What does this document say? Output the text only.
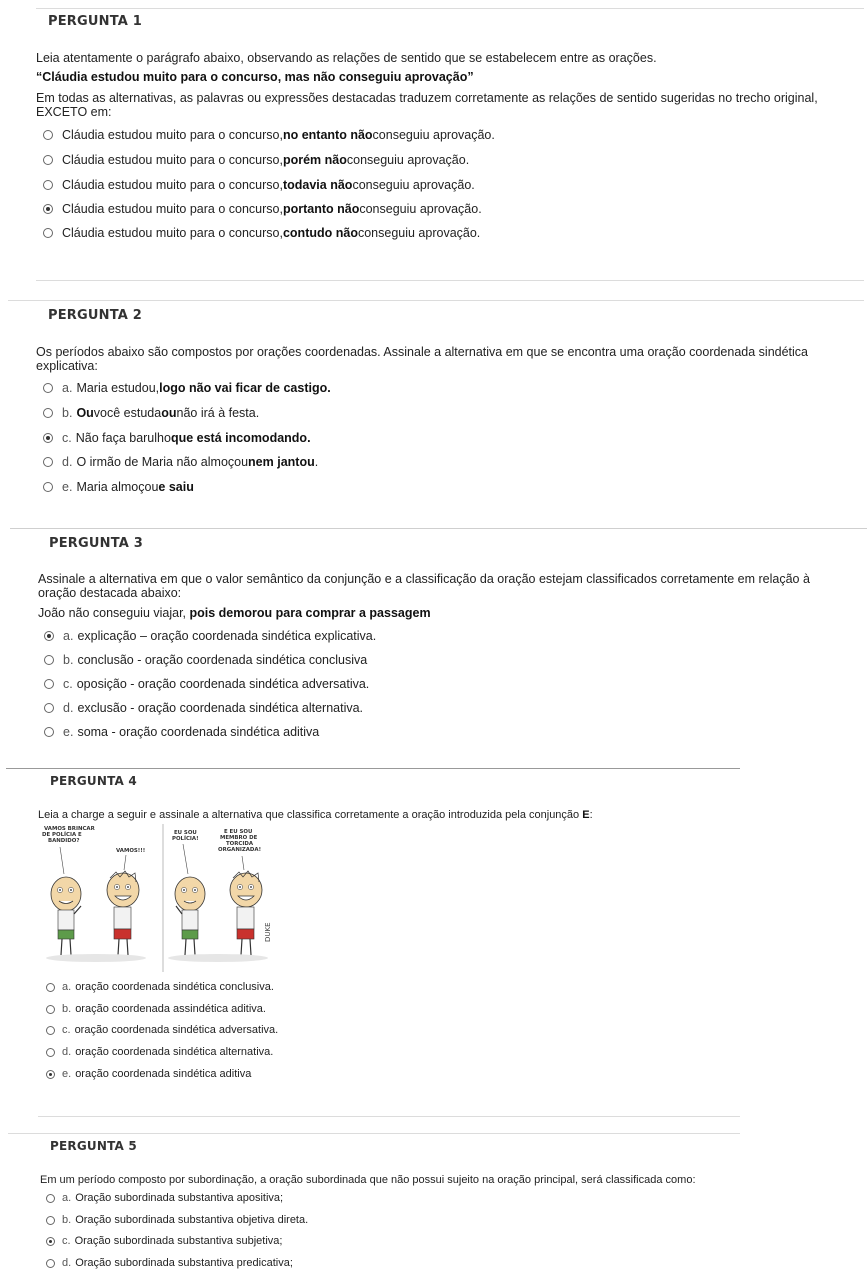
PERGUNTA 1
Leia atentamente o parágrafo abaixo, observando as relações de sentido que se estabelecem entre as orações.
“Cláudia estudou muito para o concurso, mas não conseguiu aprovação”
Em todas as alternativas, as palavras ou expressões destacadas traduzem corretamente as relações de sentido sugeridas no trecho original,
EXCETO em:
Cláudia estudou muito para o concurso, no entanto não conseguiu aprovação.
Cláudia estudou muito para o concurso, porém não conseguiu aprovação.
Cláudia estudou muito para o concurso, todavia não conseguiu aprovação.
Cláudia estudou muito para o concurso, portanto não conseguiu aprovação.
Cláudia estudou muito para o concurso, contudo não conseguiu aprovação.
PERGUNTA 2
Os períodos abaixo são compostos por orações coordenadas. Assinale a alternativa em que se encontra uma oração coordenada sindética
explicativa:
a. Maria estudou, logo não vai ficar de castigo.
b. Ou você estuda ou não irá à festa.
c. Não faça barulho que está incomodando.
d. O irmão de Maria não almoçou nem jantou .
e. Maria almoçou e saiu
PERGUNTA 3
Assinale a alternativa em que o valor semântico da conjunção e a classificação da oração estejam classificados corretamente em relação à
oração destacada abaixo:
João não conseguiu viajar, pois demorou para comprar a passagem
a. explicação – oração coordenada sindética explicativa.
b. conclusão - oração coordenada sindética conclusiva
c. oposição - oração coordenada sindética adversativa.
d. exclusão - oração coordenada sindética alternativa.
e. soma - oração coordenada sindética aditiva
PERGUNTA 4
Leia a charge a seguir e assinale a alternativa que classifica corretamente a oração introduzida pela conjunção E:
VAMOS BRINCAR DE POLÍCIA E BANDIDO?
VAMOS!!!
EU SOU POLÍCIA!
E EU SOU MEMBRO DE TORCIDA ORGANIZADA!
DUKE
a. oração coordenada sindética conclusiva.
b. oração coordenada assindética aditiva.
c. oração coordenada sindética adversativa.
d. oração coordenada sindética alternativa.
e. oração coordenada sindética aditiva
PERGUNTA 5
Em um período composto por subordinação, a oração subordinada que não possui sujeito na oração principal, será classificada como:
a. Oração subordinada substantiva apositiva;
b. Oração subordinada substantiva objetiva direta.
c. Oração subordinada substantiva subjetiva;
d. Oração subordinada substantiva predicativa;
